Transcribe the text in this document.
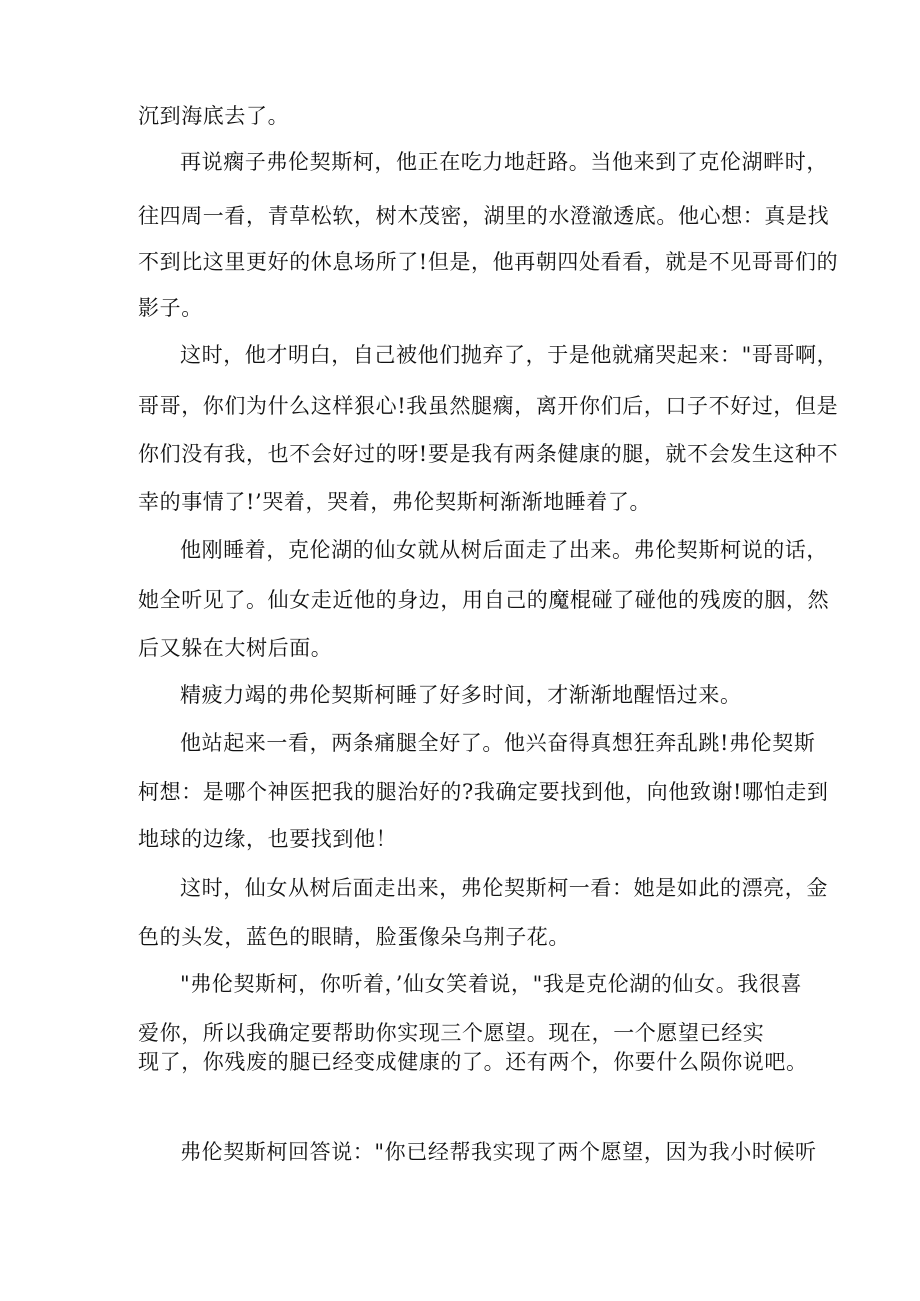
沉到海底去了。
再说瘸子弗伦契斯柯，他正在吃力地赶路。当他来到了克伦湖畔时，
往四周一看，青草松软，树木茂密，湖里的水澄澈透底。他心想：真是找
不到比这里更好的休息场所了!但是，他再朝四处看看，就是不见哥哥们的
影子。
这时，他才明白，自己被他们抛弃了，于是他就痛哭起来："哥哥啊，
哥哥，你们为什么这样狠心!我虽然腿瘸，离开你们后，口子不好过，但是
你们没有我，也不会好过的呀!要是我有两条健康的腿，就不会发生这种不
幸的事情了!’哭着，哭着，弗伦契斯柯渐渐地睡着了。
他刚睡着，克伦湖的仙女就从树后面走了出来。弗伦契斯柯说的话，
她全听见了。仙女走近他的身边，用自己的魔棍碰了碰他的残废的胭，然
后又躲在大树后面。
精疲力竭的弗伦契斯柯睡了好多时间，才渐渐地醒悟过来。
他站起来一看，两条痛腿全好了。他兴奋得真想狂奔乱跳!弗伦契斯
柯想：是哪个神医把我的腿治好的?我确定要找到他，向他致谢!哪怕走到
地球的边缘，也要找到他！
这时，仙女从树后面走出来，弗伦契斯柯一看：她是如此的漂亮，金
色的头发，蓝色的眼睛，脸蛋像朵乌荆子花。
"弗伦契斯柯，你听着，’仙女笑着说，"我是克伦湖的仙女。我很喜
爱你，所以我确定要帮助你实现三个愿望。现在，一个愿望已经实
现了，你残废的腿已经变成健康的了。还有两个，你要什么陨你说吧。
弗伦契斯柯回答说："你已经帮我实现了两个愿望，因为我小时候听
